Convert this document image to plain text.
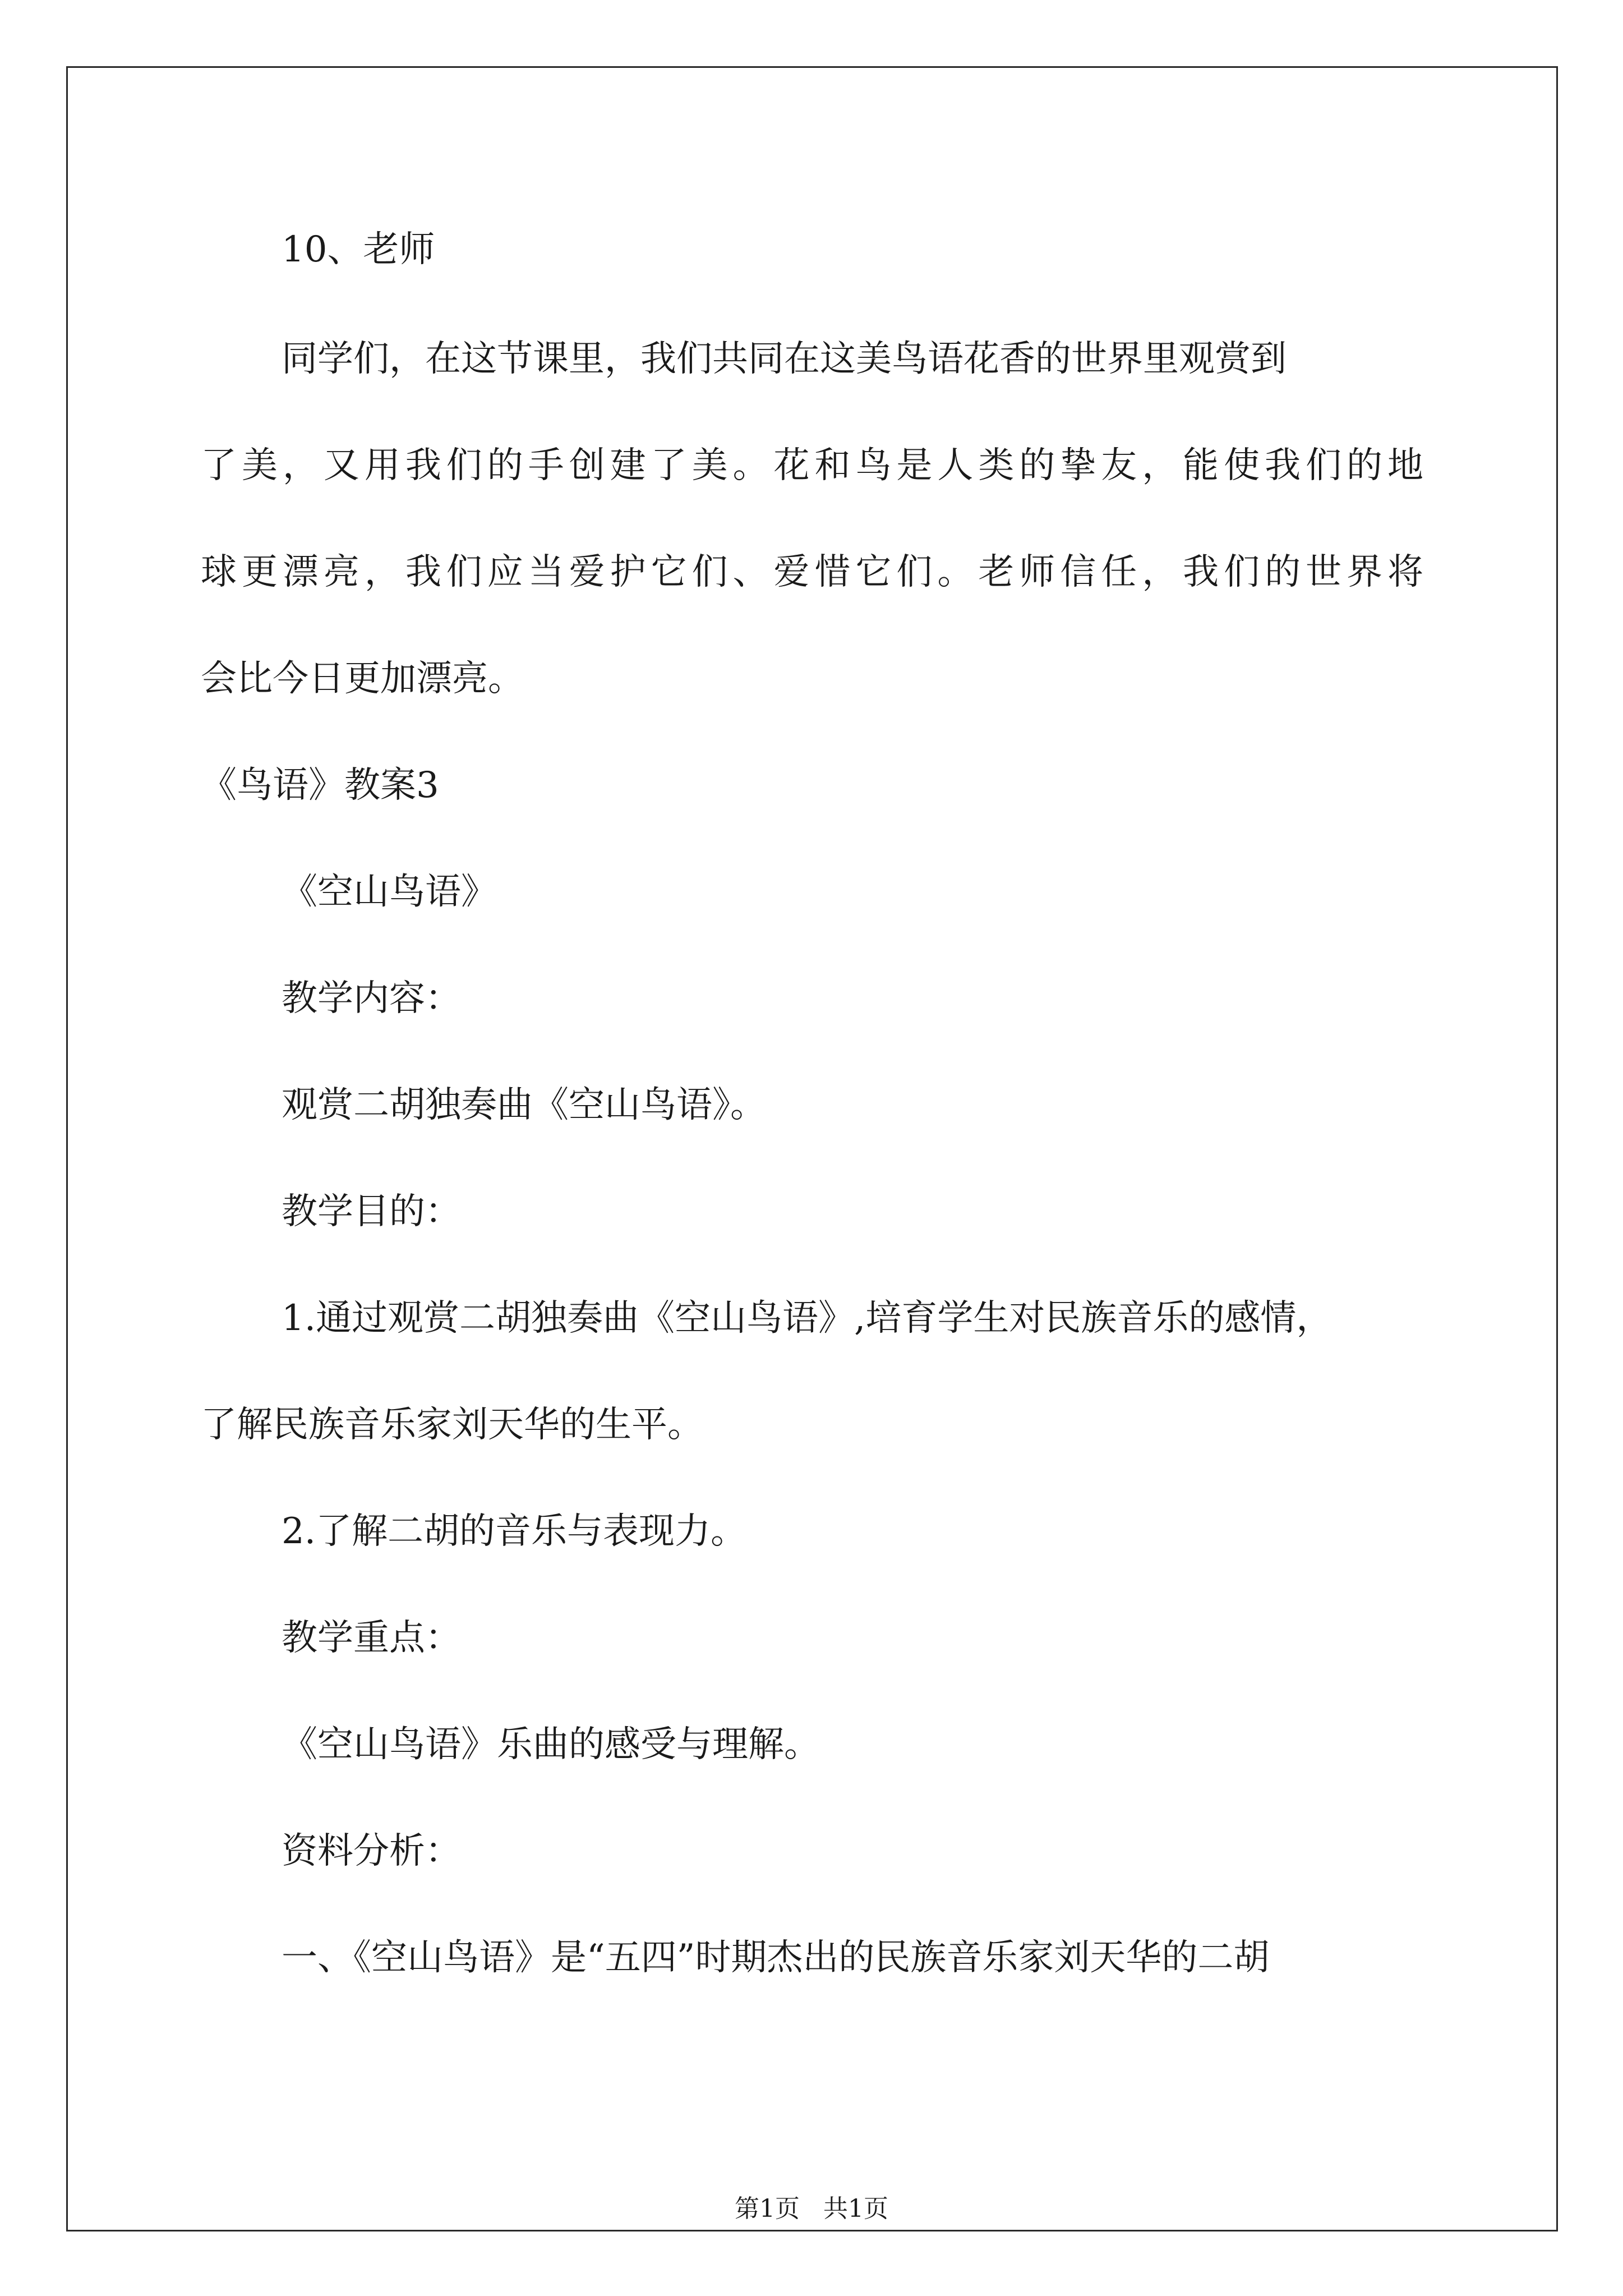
10、老师

同学们，在这节课里，我们共同在这美鸟语花香的世界里观赏到

了美，又用我们的手创建了美。花和鸟是人类的挚友，能使我们的地

球更漂亮，我们应当爱护它们、爱惜它们。老师信任，我们的世界将

会比今日更加漂亮。

《鸟语》教案3

《空山鸟语》

教学内容：

观赏二胡独奏曲《空山鸟语》。

教学目的：

1.通过观赏二胡独奏曲《空山鸟语》,培育学生对民族音乐的感情，

了解民族音乐家刘天华的生平。

2.了解二胡的音乐与表现力。

教学重点：

《空山鸟语》乐曲的感受与理解。

资料分析：

一、《空山鸟语》是“五四”时期杰出的民族音乐家刘天华的二胡

第1页   共1页
